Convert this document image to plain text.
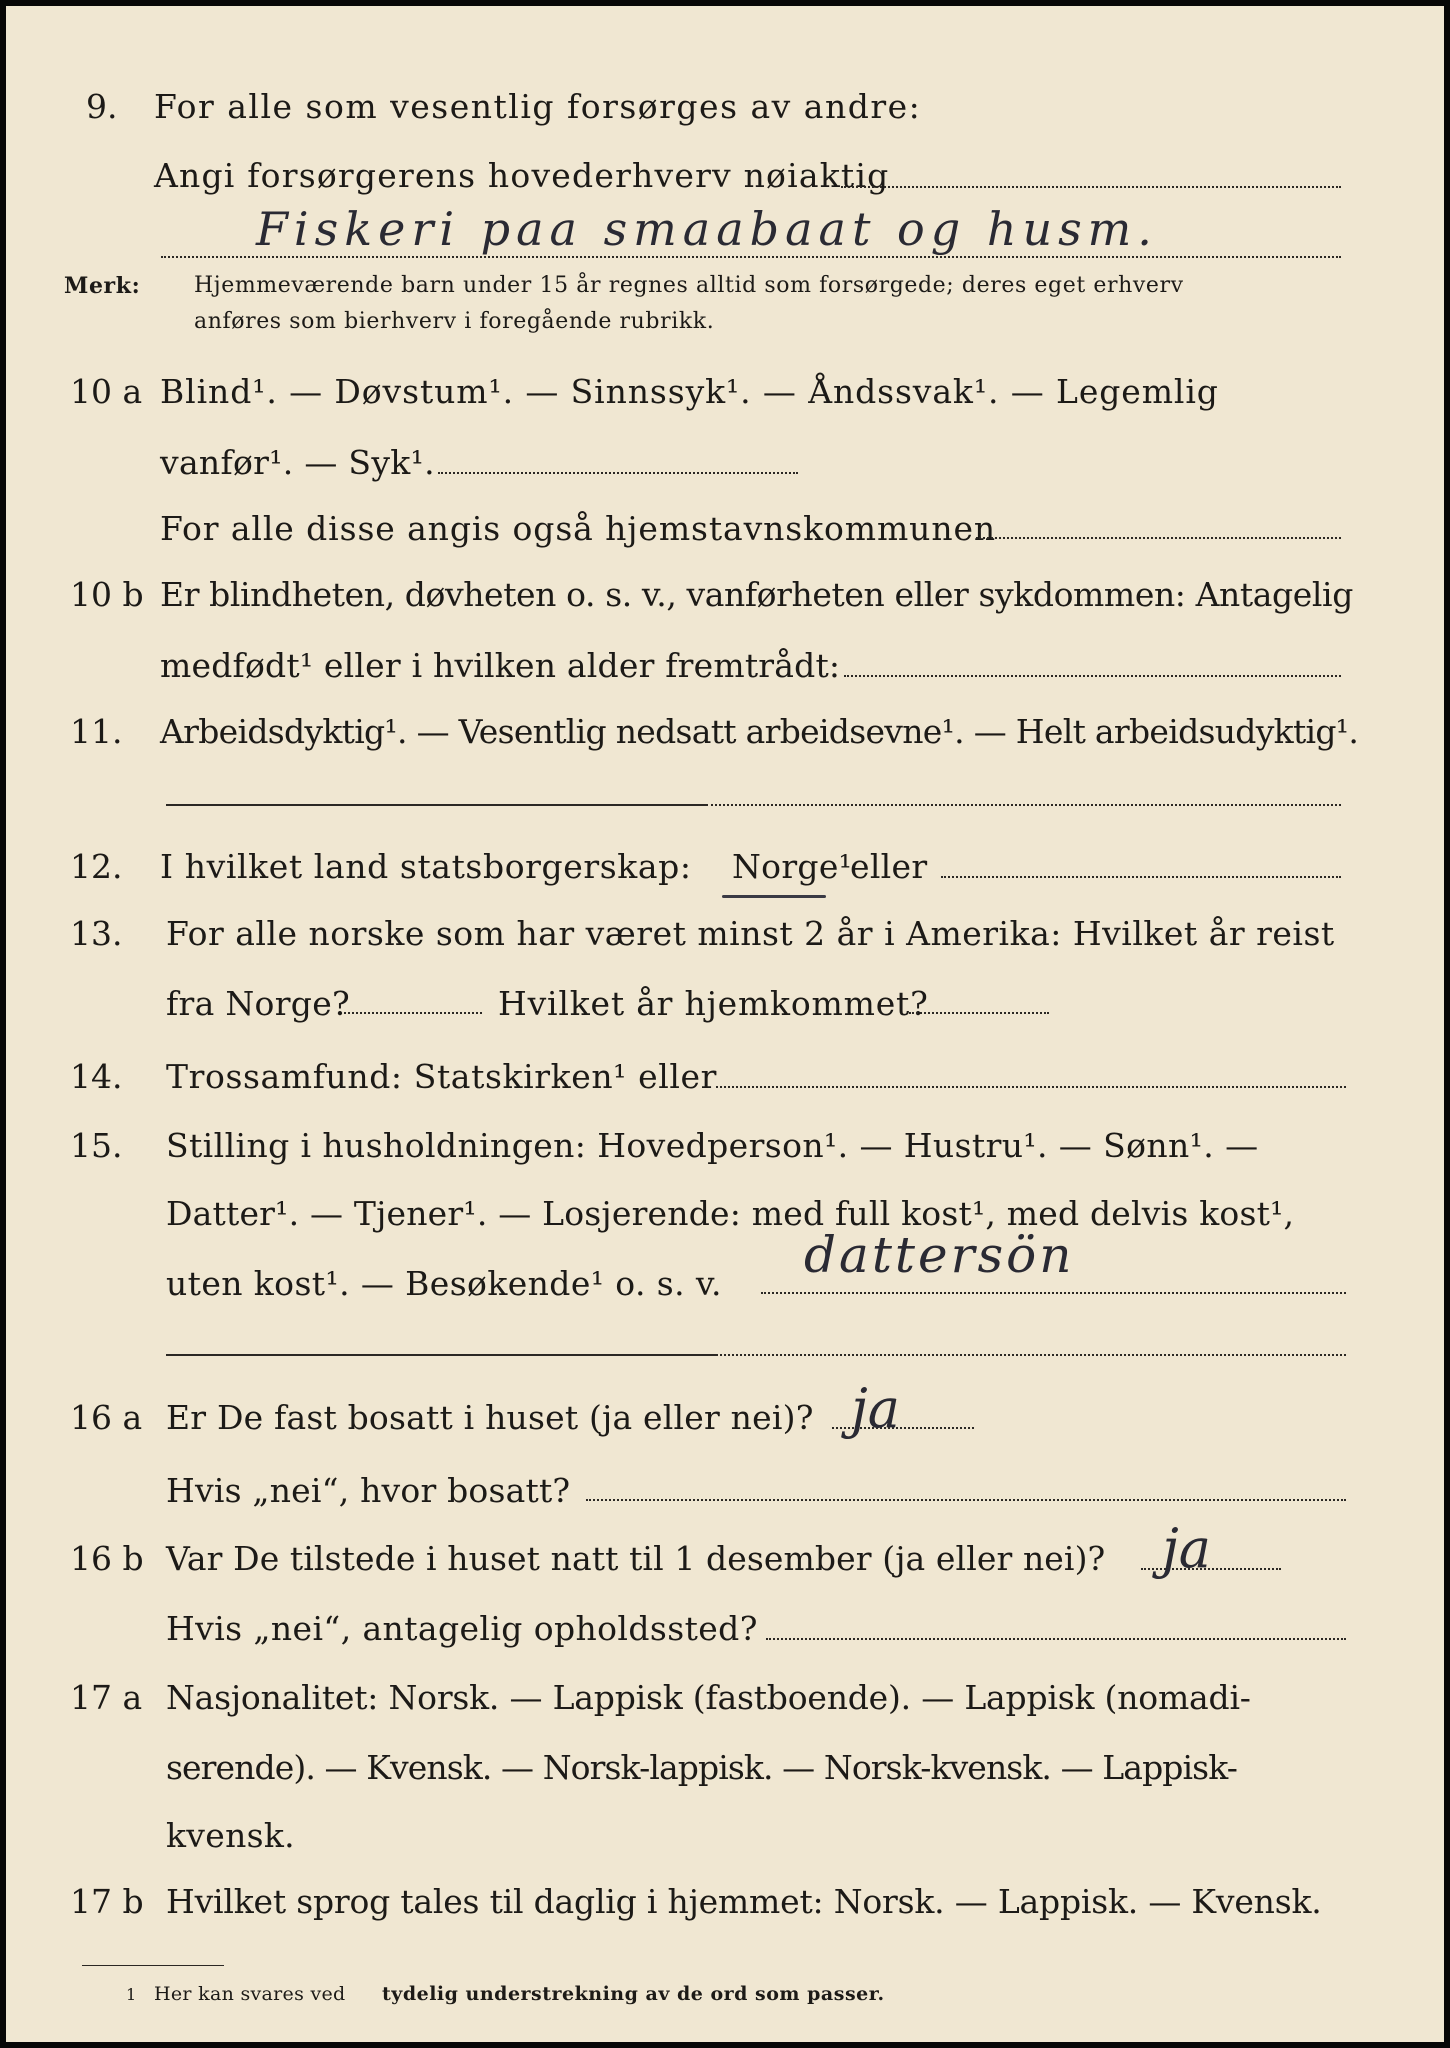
9. For alle som vesentlig forsørges av andre:
Angi forsørgerens hovederhverv nøiaktig
Fiskeri paa smaabaat og husm.
Merk: Hjemmeværende barn under 15 år regnes alltid som forsørgede; deres eget erhverv
anføres som bierhverv i foregående rubrikk.
10 a Blind¹. — Døvstum¹. — Sinnssyk¹. — Åndssvak¹. — Legemlig
vanfør¹. — Syk¹.
For alle disse angis også hjemstavnskommunen
10 b Er blindheten, døvheten o. s. v., vanførheten eller sykdommen: Antagelig
medfødt¹ eller i hvilken alder fremtrådt:
11. Arbeidsdyktig¹. — Vesentlig nedsatt arbeidsevne¹. — Helt arbeidsudyktig¹.
12. I hvilket land statsborgerskap: Norge¹
eller
13. For alle norske som har været minst 2 år i Amerika: Hvilket år reist
fra Norge?	Hvilket år hjemkommet?
14. Trossamfund: Statskirken¹ eller
15. Stilling i husholdningen: Hovedperson¹. — Hustru¹. — Sønn¹. —
Datter¹. — Tjener¹. — Losjerende: med full kost¹, med delvis kost¹,
uten kost¹. — Besøkende¹ o. s. v. dattersön
16 a Er De fast bosatt i huset (ja eller nei)? ja
Hvis „nei“, hvor bosatt?
16 b Var De tilstede i huset natt til 1 desember (ja eller nei)? ja
Hvis „nei“, antagelig opholdssted?
17 a Nasjonalitet: Norsk. — Lappisk (fastboende). — Lappisk (nomadi-
serende). — Kvensk. — Norsk-lappisk. — Norsk-kvensk. — Lappisk-
kvensk.
17 b Hvilket sprog tales til daglig i hjemmet: Norsk. — Lappisk. — Kvensk.
1 Her kan svares ved tydelig understrekning av de ord som passer.
